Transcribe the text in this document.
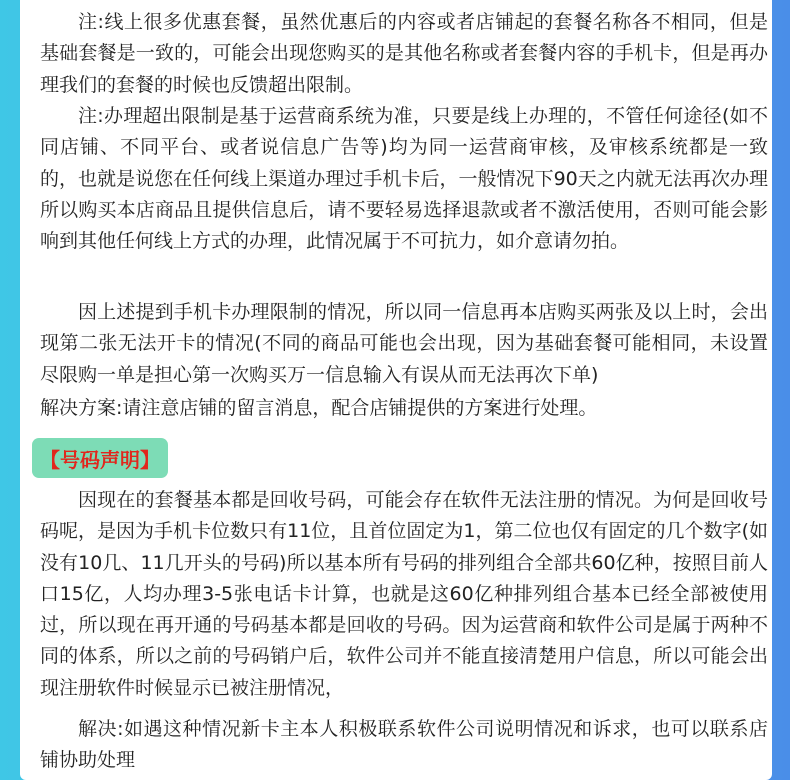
注:线上很多优惠套餐，虽然优惠后的内容或者店铺起的套餐名称各不相同，但是基础套餐是一致的，可能会出现您购买的是其他名称或者套餐内容的手机卡，但是再办理我们的套餐的时候也反馈超出限制。

注:办理超出限制是基于运营商系统为准，只要是线上办理的，不管任何途径(如不同店铺、不同平台、或者说信息广告等)均为同一运营商审核，及审核系统都是一致的，也就是说您在任何线上渠道办理过手机卡后，一般情况下90天之内就无法再次办理所以购买本店商品且提供信息后，请不要轻易选择退款或者不激活使用，否则可能会影响到其他任何线上方式的办理，此情况属于不可抗力，如介意请勿拍。

因上述提到手机卡办理限制的情况，所以同一信息再本店购买两张及以上时，会出现第二张无法开卡的情况(不同的商品可能也会出现，因为基础套餐可能相同，未设置尽限购一单是担心第一次购买万一信息输入有误从而无法再次下单)

解决方案:请注意店铺的留言消息，配合店铺提供的方案进行处理。

【号码声明】

因现在的套餐基本都是回收号码，可能会存在软件无法注册的情况。为何是回收号码呢，是因为手机卡位数只有11位，且首位固定为1，第二位也仅有固定的几个数字(如没有10几、11几开头的号码)所以基本所有号码的排列组合全部共60亿种，按照目前人口15亿，人均办理3-5张电话卡计算，也就是这60亿种排列组合基本已经全部被使用过，所以现在再开通的号码基本都是回收的号码。因为运营商和软件公司是属于两种不同的体系，所以之前的号码销户后，软件公司并不能直接清楚用户信息，所以可能会出现注册软件时候显示已被注册情况，

解决:如遇这种情况新卡主本人积极联系软件公司说明情况和诉求，也可以联系店铺协助处理
